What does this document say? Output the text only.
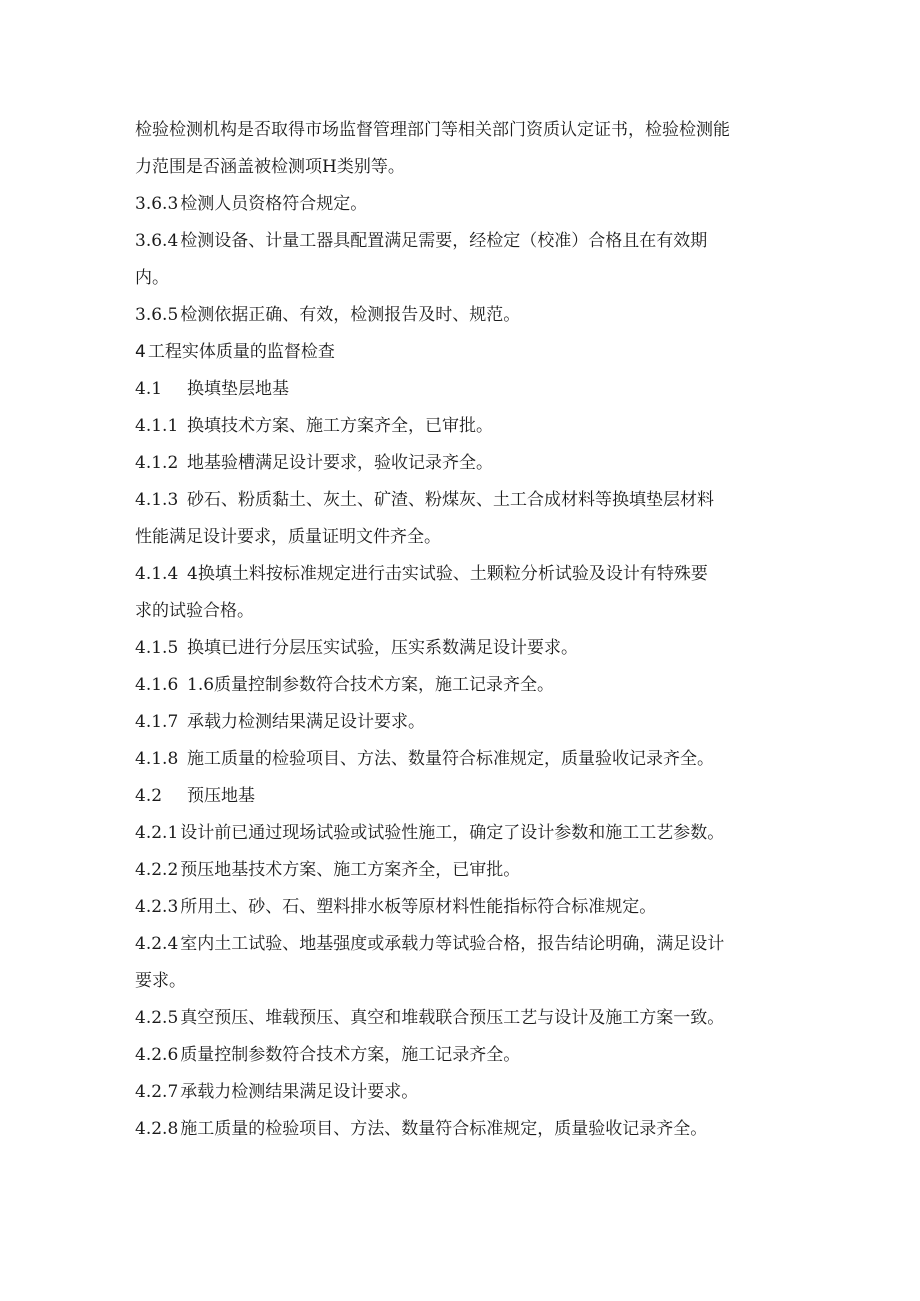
检验检测机构是否取得市场监督管理部门等相关部门资质认定证书，检验检测能
力范围是否涵盖被检测项H类别等。
3.6.3 检测人员资格符合规定。
3.6.4 检测设备、计量工器具配置满足需要，经检定（校准）合格且在有效期
内。
3.6.5 检测依据正确、有效，检测报告及时、规范。
4 工程实体质量的监督检查
4.1 换填垫层地基
4.1.1 换填技术方案、施工方案齐全，已审批。
4.1.2 地基验槽满足设计要求，验收记录齐全。
4.1.3 砂石、粉质黏土、灰土、矿渣、粉煤灰、土工合成材料等换填垫层材料
性能满足设计要求，质量证明文件齐全。
4.1.4 4换填土料按标准规定进行击实试验、土颗粒分析试验及设计有特殊要
求的试验合格。
4.1.5 换填已进行分层压实试验，压实系数满足设计要求。
4.1.6 1.6质量控制参数符合技术方案，施工记录齐全。
4.1.7 承载力检测结果满足设计要求。
4.1.8 施工质量的检验项目、方法、数量符合标准规定，质量验收记录齐全。
4.2 预压地基
4.2.1 设计前已通过现场试验或试验性施工，确定了设计参数和施工工艺参数。
4.2.2 预压地基技术方案、施工方案齐全，已审批。
4.2.3 所用土、砂、石、塑料排水板等原材料性能指标符合标准规定。
4.2.4 室内土工试验、地基强度或承载力等试验合格，报告结论明确，满足设计
要求。
4.2.5 真空预压、堆载预压、真空和堆载联合预压工艺与设计及施工方案一致。
4.2.6 质量控制参数符合技术方案，施工记录齐全。
4.2.7 承载力检测结果满足设计要求。
4.2.8 施工质量的检验项目、方法、数量符合标准规定，质量验收记录齐全。
